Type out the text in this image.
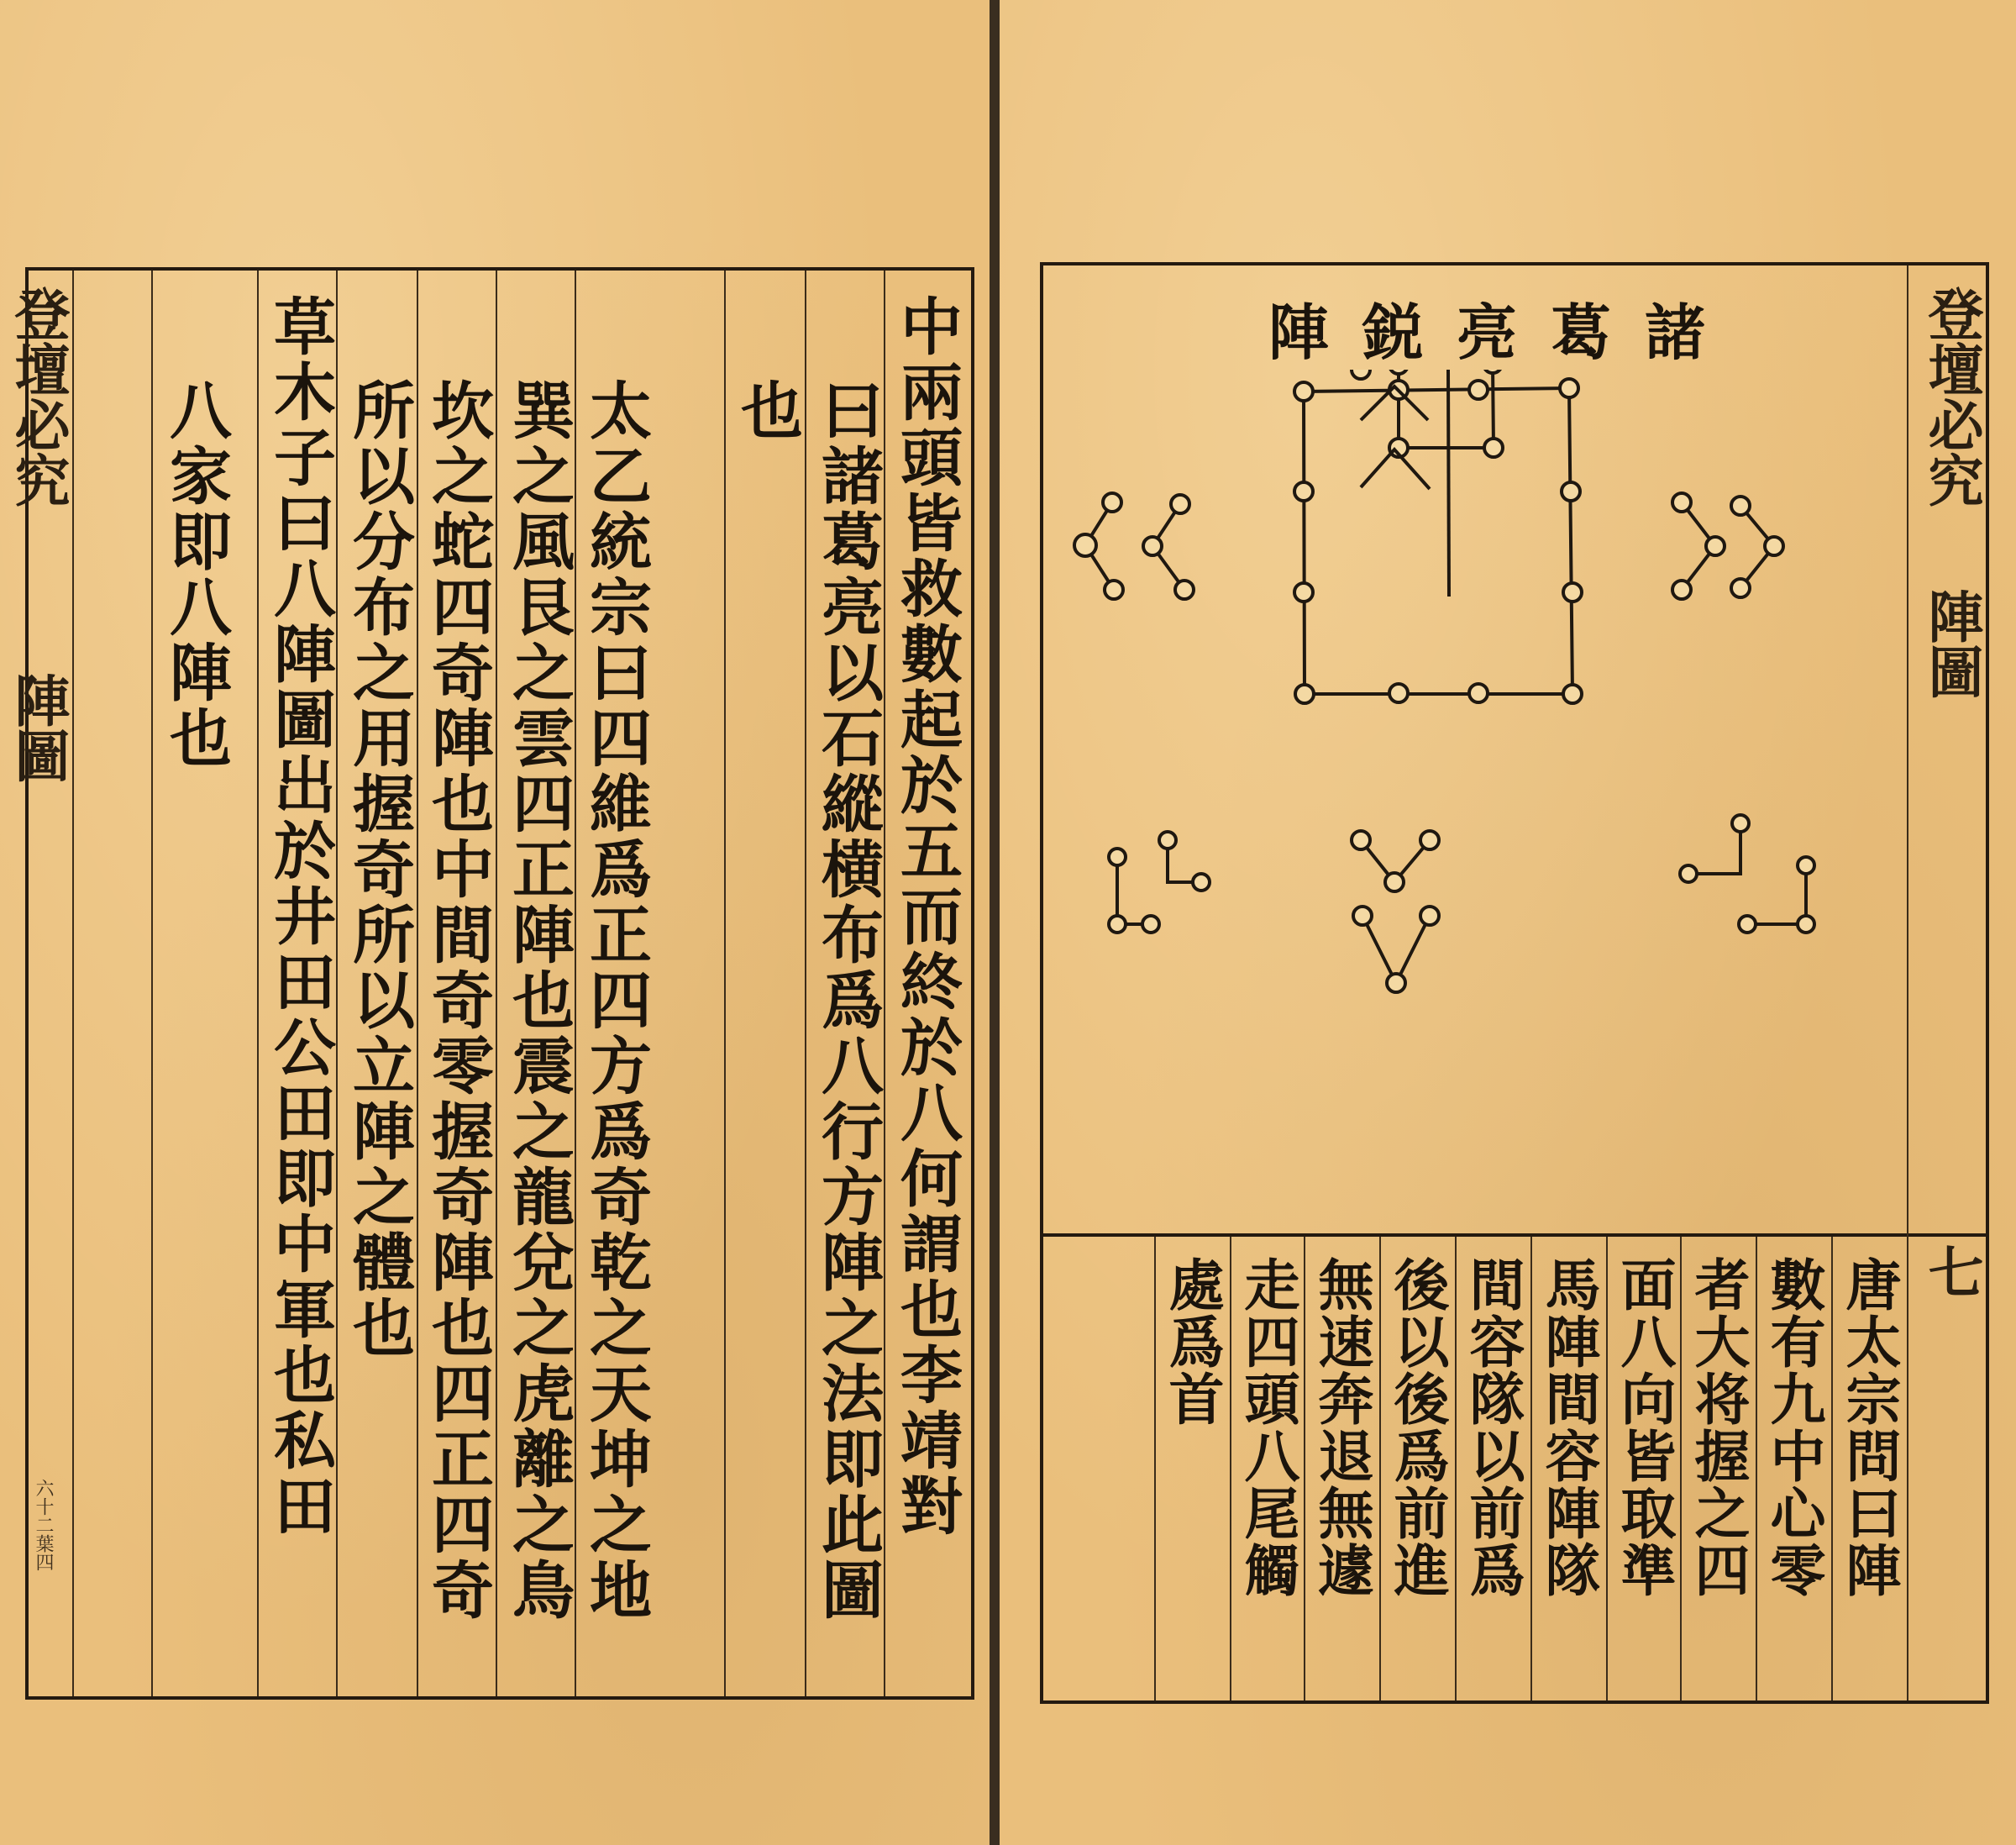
登壇必究
陣圖
六十二葉四	中兩頭皆救數起於五而終於八何謂也李靖對
曰諸葛亮以石縱横布爲八行方陣之法即此圖
也
太乙統宗曰四維爲正四方爲奇乾之天坤之地
巽之風艮之雲四正陣也震之龍兌之虎離之鳥
坎之蛇四奇陣也中間奇零握奇陣也四正四奇
所以分布之用握奇所以立陣之體也
草木子曰八陣圖出於井田公田即中軍也私田
八家即八陣也	登壇必究
陣圖
七
諸葛亮鋭陣
唐太宗問曰陣
數有九中心零
者大将握之四
面八向皆取準
馬陣間容陣隊
間容隊以前爲
後以後爲前進
無速奔退無遽
走四頭八尾觸
處爲首
